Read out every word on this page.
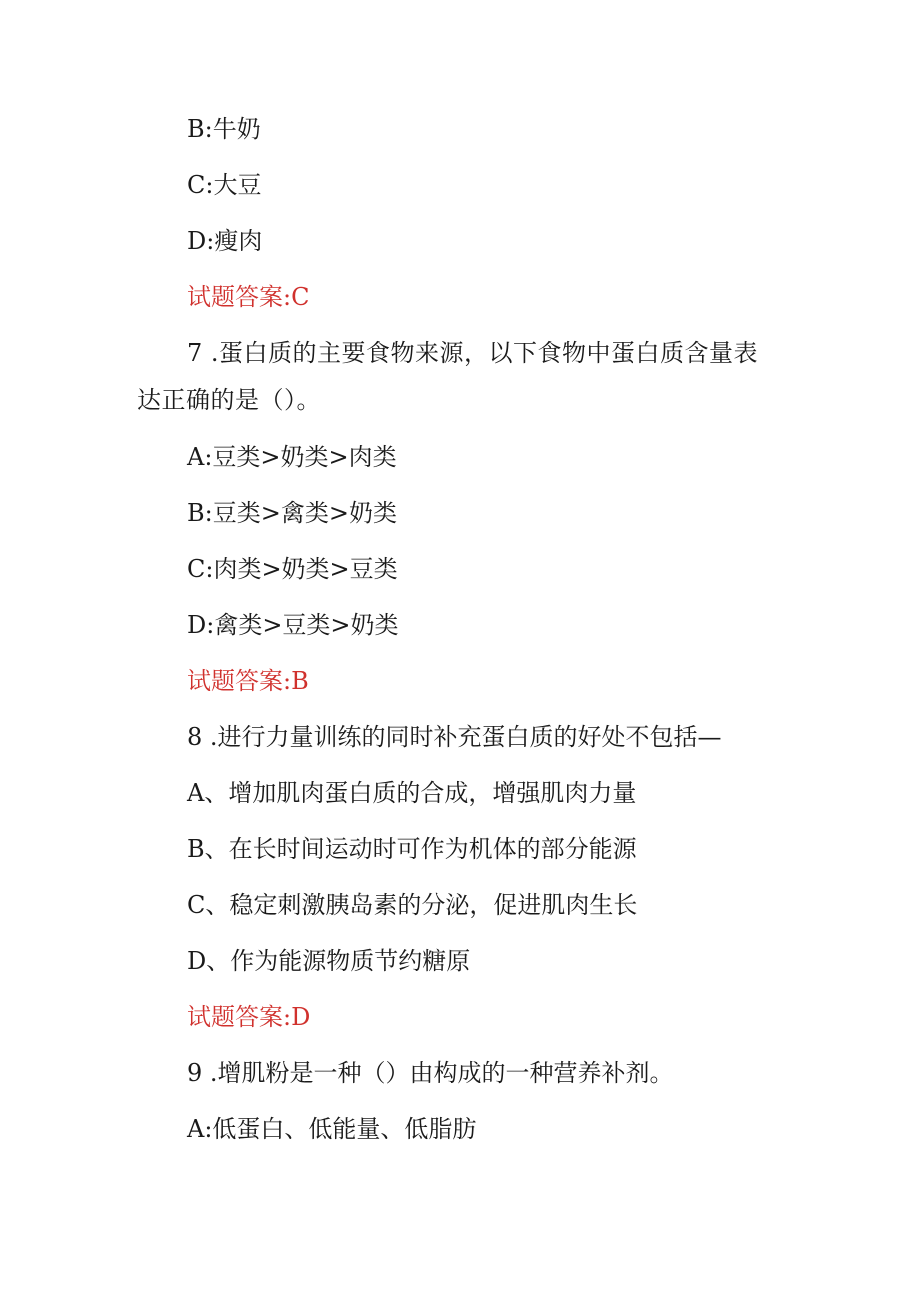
B:牛奶
C:大豆
D:瘦肉
试题答案:C
7 .蛋白质的主要食物来源，以下食物中蛋白质含量表达正确的是（）。
A:豆类>奶类>肉类
B:豆类>禽类>奶类
C:肉类>奶类>豆类
D:禽类>豆类>奶类
试题答案:B
8 .进行力量训练的同时补充蛋白质的好处不包括—
A、增加肌肉蛋白质的合成，增强肌肉力量
B、在长时间运动时可作为机体的部分能源
C、稳定刺激胰岛素的分泌，促进肌肉生长
D、作为能源物质节约糖原
试题答案:D
9 .增肌粉是一种（）由构成的一种营养补剂。
A:低蛋白、低能量、低脂肪
